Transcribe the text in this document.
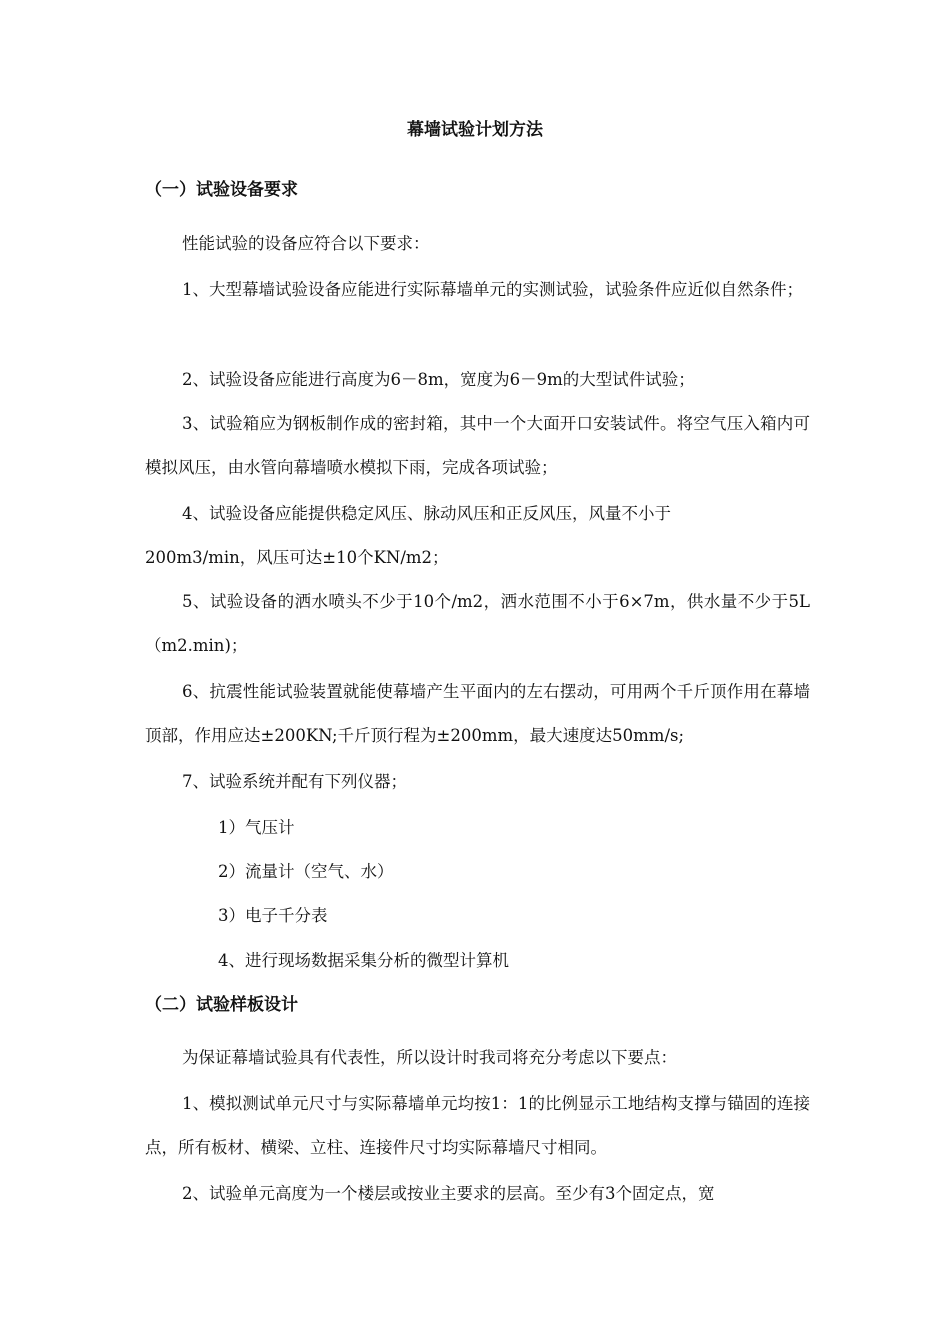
幕墙试验计划方法
（一）试验设备要求
性能试验的设备应符合以下要求：
1、大型幕墙试验设备应能进行实际幕墙单元的实测试验，试验条件应近似自然条件；
2、试验设备应能进行高度为6－8m，宽度为6－9m的大型试件试验；
3、试验箱应为钢板制作成的密封箱，其中一个大面开口安装试件。将空气压入箱内可模拟风压，由水管向幕墙喷水模拟下雨，完成各项试验；
4、试验设备应能提供稳定风压、脉动风压和正反风压，风量不小于
200m3/min，风压可达±10个KN/m2；
5、试验设备的洒水喷头不少于10个/m2，洒水范围不小于6×7m，供水量不少于5L（m2.min)；
6、抗震性能试验装置就能使幕墙产生平面内的左右摆动，可用两个千斤顶作用在幕墙顶部，作用应达±200KN;千斤顶行程为±200mm，最大速度达50mm/s;
7、试验系统并配有下列仪器；
1）气压计
2）流量计（空气、水）
3）电子千分表
4、进行现场数据采集分析的微型计算机
（二）试验样板设计
为保证幕墙试验具有代表性，所以设计时我司将充分考虑以下要点：
1、模拟测试单元尺寸与实际幕墙单元均按1：1的比例显示工地结构支撑与锚固的连接点，所有板材、横梁、立柱、连接件尺寸均实际幕墙尺寸相同。
2、试验单元高度为一个楼层或按业主要求的层高。至少有3个固定点，宽
